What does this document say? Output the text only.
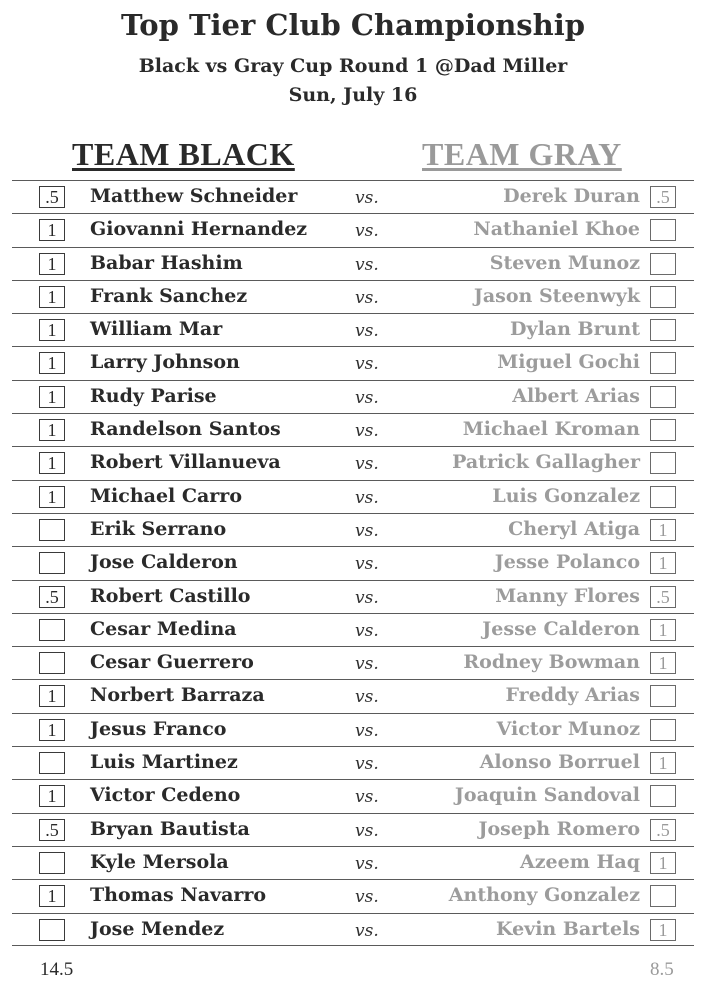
Top Tier Club Championship
Black vs Gray Cup Round 1 @Dad Miller
Sun, July 16
TEAM BLACK	TEAM GRAY
.5	Matthew Schneider	vs.	Derek Duran .5
1	Giovanni Hernandez	vs.	Nathaniel Khoe
1	Babar Hashim	vs.	Steven Munoz
1	Frank Sanchez	vs.	Jason Steenwyk
1	William Mar	vs.	Dylan Brunt
1	Larry Johnson	vs.	Miguel Gochi
1	Rudy Parise	vs.	Albert Arias
1	Randelson Santos	vs.	Michael Kroman
1	Robert Villanueva	vs.	Patrick Gallagher
1	Michael Carro	vs.	Luis Gonzalez
Erik Serrano	vs.	Cheryl Atiga	1
Jose Calderon	vs.	Jesse Polanco	1
.5	Robert Castillo	vs.	Manny Flores .5
Cesar Medina	vs.	Jesse Calderon	1
Cesar Guerrero	vs.	Rodney Bowman	1
1	Norbert Barraza	vs.	Freddy Arias
1	Jesus Franco	vs.	Victor Munoz
Luis Martinez	vs.	Alonso Borruel	1
1	Victor Cedeno	vs.	Joaquin Sandoval
.5	Bryan Bautista	vs.	Joseph Romero .5
Kyle Mersola	vs.	Azeem Haq	1
1	Thomas Navarro	vs.	Anthony Gonzalez
Jose Mendez	vs.	Kevin Bartels	1
14.5	8.5
